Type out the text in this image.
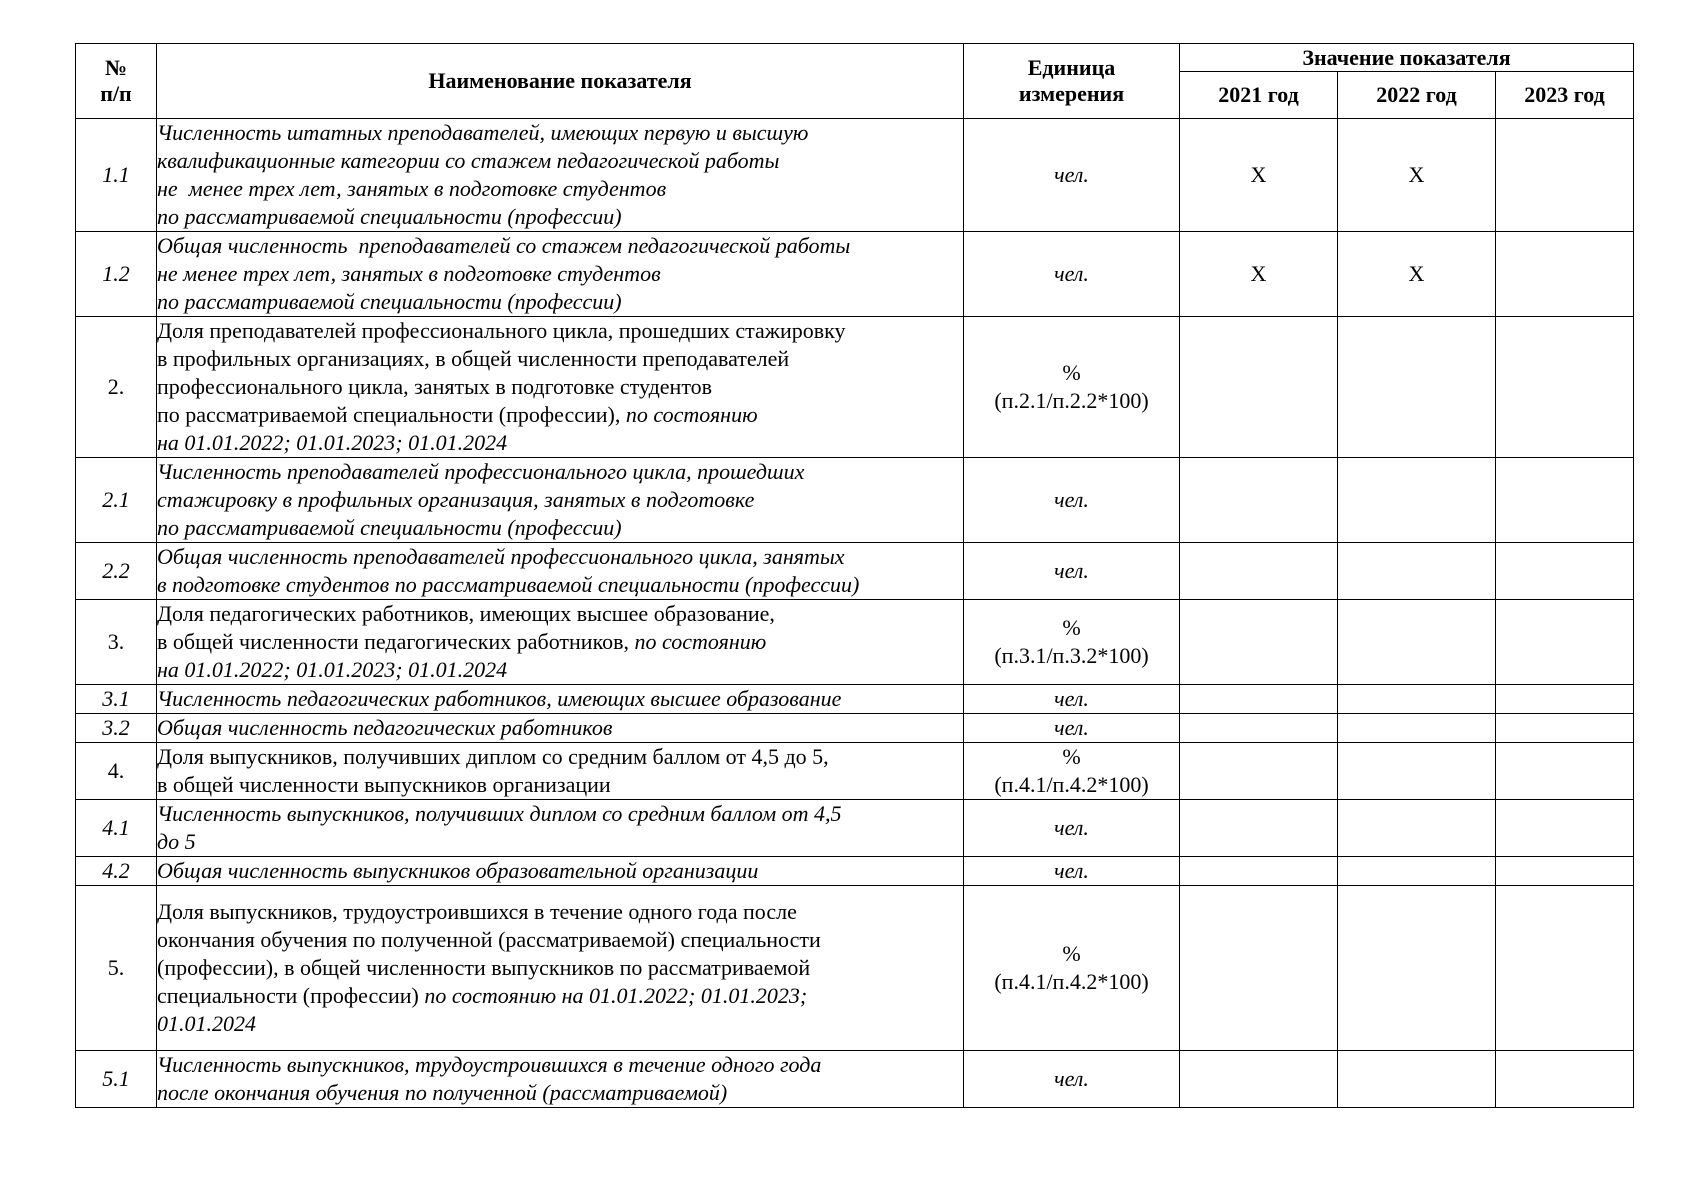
№
п/п	Наименование показателя	Единица
измерения	Значение показателя		
			2021 год	2022 год	2023 год
1.1	Численность штатных преподавателей, имеющих первую и высшую
квалификационные категории со стажем педагогической работы
не  менее трех лет, занятых в подготовке студентов
по рассматриваемой специальности (профессии)	чел.	Х	Х	
1.2	Общая численность  преподавателей со стажем педагогической работы
не менее трех лет, занятых в подготовке студентов
по рассматриваемой специальности (профессии)	чел.	Х	Х	
2.	Доля преподавателей профессионального цикла, прошедших стажировку
в профильных организациях, в общей численности преподавателей
профессионального цикла, занятых в подготовке студентов
по рассматриваемой специальности (профессии), по состоянию
на 01.01.2022; 01.01.2023; 01.01.2024	%
(п.2.1/п.2.2*100)			

2.1	Численность преподавателей профессионального цикла, прошедших
стажировку в профильных организация, занятых в подготовке
по рассматриваемой специальности (профессии)	чел.			
2.2	Общая численность преподавателей профессионального цикла, занятых
в подготовке студентов по рассматриваемой специальности (профессии)	чел.			
3.	Доля педагогических работников, имеющих высшее образование,
в общей численности педагогических работников, по состоянию
на 01.01.2022; 01.01.2023; 01.01.2024	%
(п.3.1/п.3.2*100)			

3.1	Численность педагогических работников, имеющих высшее образование	чел.			
3.2	Общая численность педагогических работников	чел.			
4.	Доля выпускников, получивших диплом со средним баллом от 4,5 до 5,
в общей численности выпускников организации	%
(п.4.1/п.4.2*100)			

4.1	Численность выпускников, получивших диплом со средним баллом от 4,5
до 5	чел.			
4.2	Общая численность выпускников образовательной организации	чел.			
5.	Доля выпускников, трудоустроившихся в течение одного года после
окончания обучения по полученной (рассматриваемой) специальности
(профессии), в общей численности выпускников по рассматриваемой
специальности (профессии) по состоянию на 01.01.2022; 01.01.2023;
01.01.2024	%
(п.4.1/п.4.2*100)			

5.1	Численность выпускников, трудоустроившихся в течение одного года
после окончания обучения по полученной (рассматриваемой)	чел.			
